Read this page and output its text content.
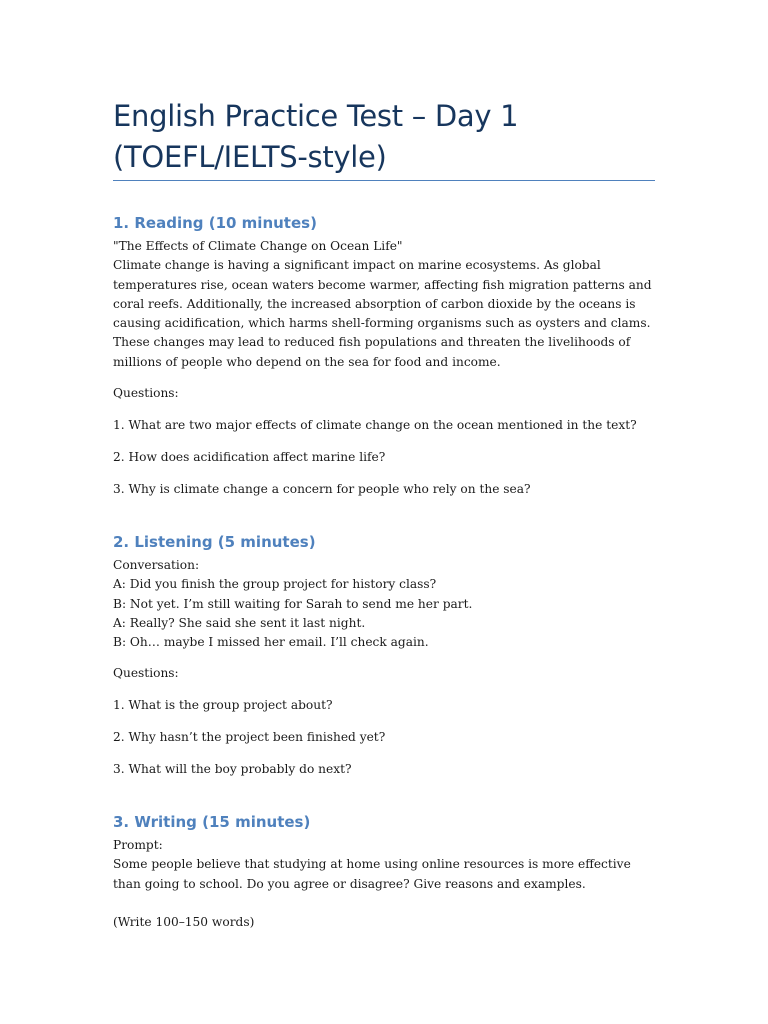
English Practice Test – Day 1 (TOEFL/IELTS-style)
1. Reading (10 minutes)

"The Effects of Climate Change on Ocean Life"

Climate change is having a significant impact on marine ecosystems. As global temperatures rise, ocean waters become warmer, affecting fish migration patterns and coral reefs. Additionally, the increased absorption of carbon dioxide by the oceans is causing acidification, which harms shell-forming organisms such as oysters and clams. These changes may lead to reduced fish populations and threaten the livelihoods of millions of people who depend on the sea for food and income.

Questions:

1. What are two major effects of climate change on the ocean mentioned in the text?

2. How does acidification affect marine life?

3. Why is climate change a concern for people who rely on the sea?

2. Listening (5 minutes)

Conversation:

A: Did you finish the group project for history class?

B: Not yet. I’m still waiting for Sarah to send me her part.

A: Really? She said she sent it last night.

B: Oh… maybe I missed her email. I’ll check again.

Questions:

1. What is the group project about?

2. Why hasn’t the project been finished yet?

3. What will the boy probably do next?

3. Writing (15 minutes)

Prompt:

Some people believe that studying at home using online resources is more effective than going to school. Do you agree or disagree? Give reasons and examples.

(Write 100–150 words)
